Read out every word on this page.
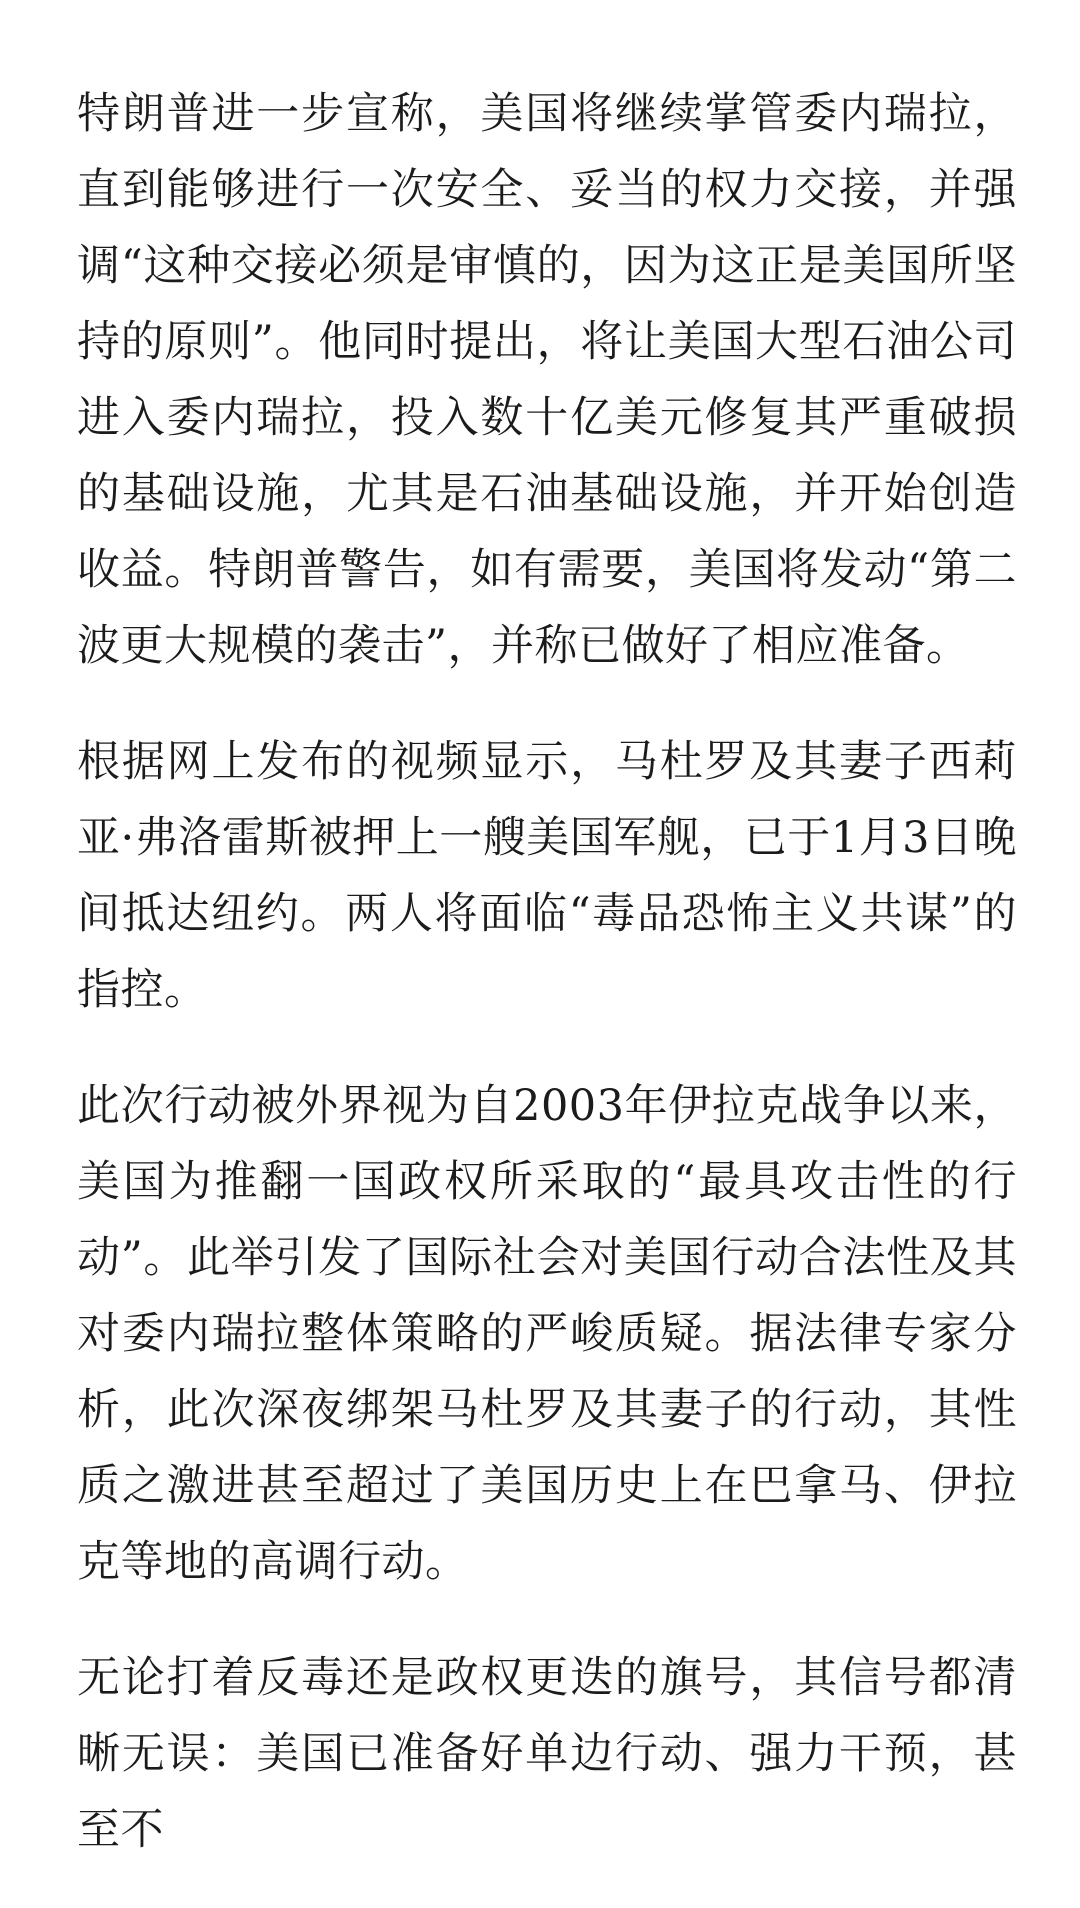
特朗普进一步宣称，美国将继续掌管委内瑞拉，直到能够进行一次安全、妥当的权力交接，并强调“这种交接必须是审慎的，因为这正是美国所坚持的原则”。他同时提出，将让美国大型石油公司进入委内瑞拉，投入数十亿美元修复其严重破损的基础设施，尤其是石油基础设施，并开始创造收益。特朗普警告，如有需要，美国将发动“第二波更大规模的袭击”，并称已做好了相应准备。

根据网上发布的视频显示，马杜罗及其妻子西莉亚·弗洛雷斯被押上一艘美国军舰，已于1月3日晚间抵达纽约。两人将面临“毒品恐怖主义共谋”的指控。

此次行动被外界视为自2003年伊拉克战争以来，美国为推翻一国政权所采取的“最具攻击性的行动”。此举引发了国际社会对美国行动合法性及其对委内瑞拉整体策略的严峻质疑。据法律专家分析，此次深夜绑架马杜罗及其妻子的行动，其性质之激进甚至超过了美国历史上在巴拿马、伊拉克等地的高调行动。

无论打着反毒还是政权更迭的旗号，其信号都清晰无误：美国已准备好单边行动、强力干预，甚至不
